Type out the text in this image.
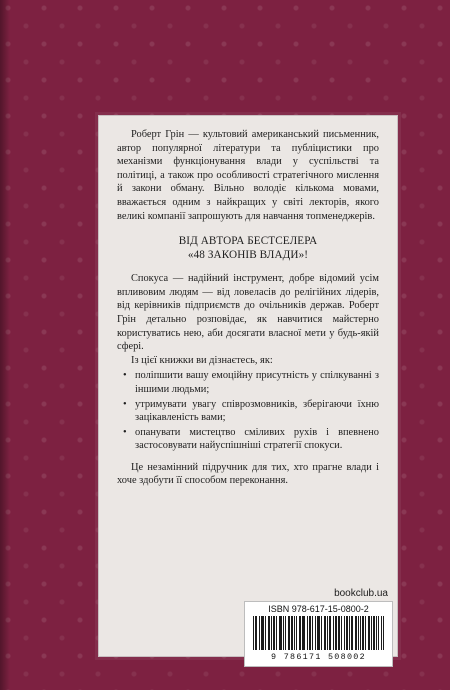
Роберт Грін — культовий американський письменник, автор популярної літератури та публіцистики про механізми функціонування влади у суспільстві та політиці, а також про особливості стратегічного мислення й закони обману. Вільно володіє кількома мовами, вважається одним з найкращих у світі лекторів, якого великі компанії запрошують для навчання топменеджерів.

ВІД АВТОРА БЕСТСЕЛЕРА
«48 ЗАКОНІВ ВЛАДИ»!

Спокуса — надійний інструмент, добре відомий усім впливовим людям — від ловеласів до релігійних лідерів, від керівників підприємств до очільників держав. Роберт Грін детально розповідає, як навчитися майстерно користуватись нею, аби досягати власної мети у будь-якій сфері.

Із цієї книжки ви дізнаєтесь, як:

• поліпшити вашу емоційну присутність у спілкуванні з іншими людьми;
• утримувати увагу співрозмовників, зберігаючи їхню зацікавленість вами;
• опанувати мистецтво сміливих рухів і впевнено застосовувати найуспішніші стратегії спокуси.

Це незамінний підручник для тих, хто прагне влади і хоче здобути її способом переконання.

bookclub.ua
ISBN 978-617-15-0800-2
9 786171 508002
